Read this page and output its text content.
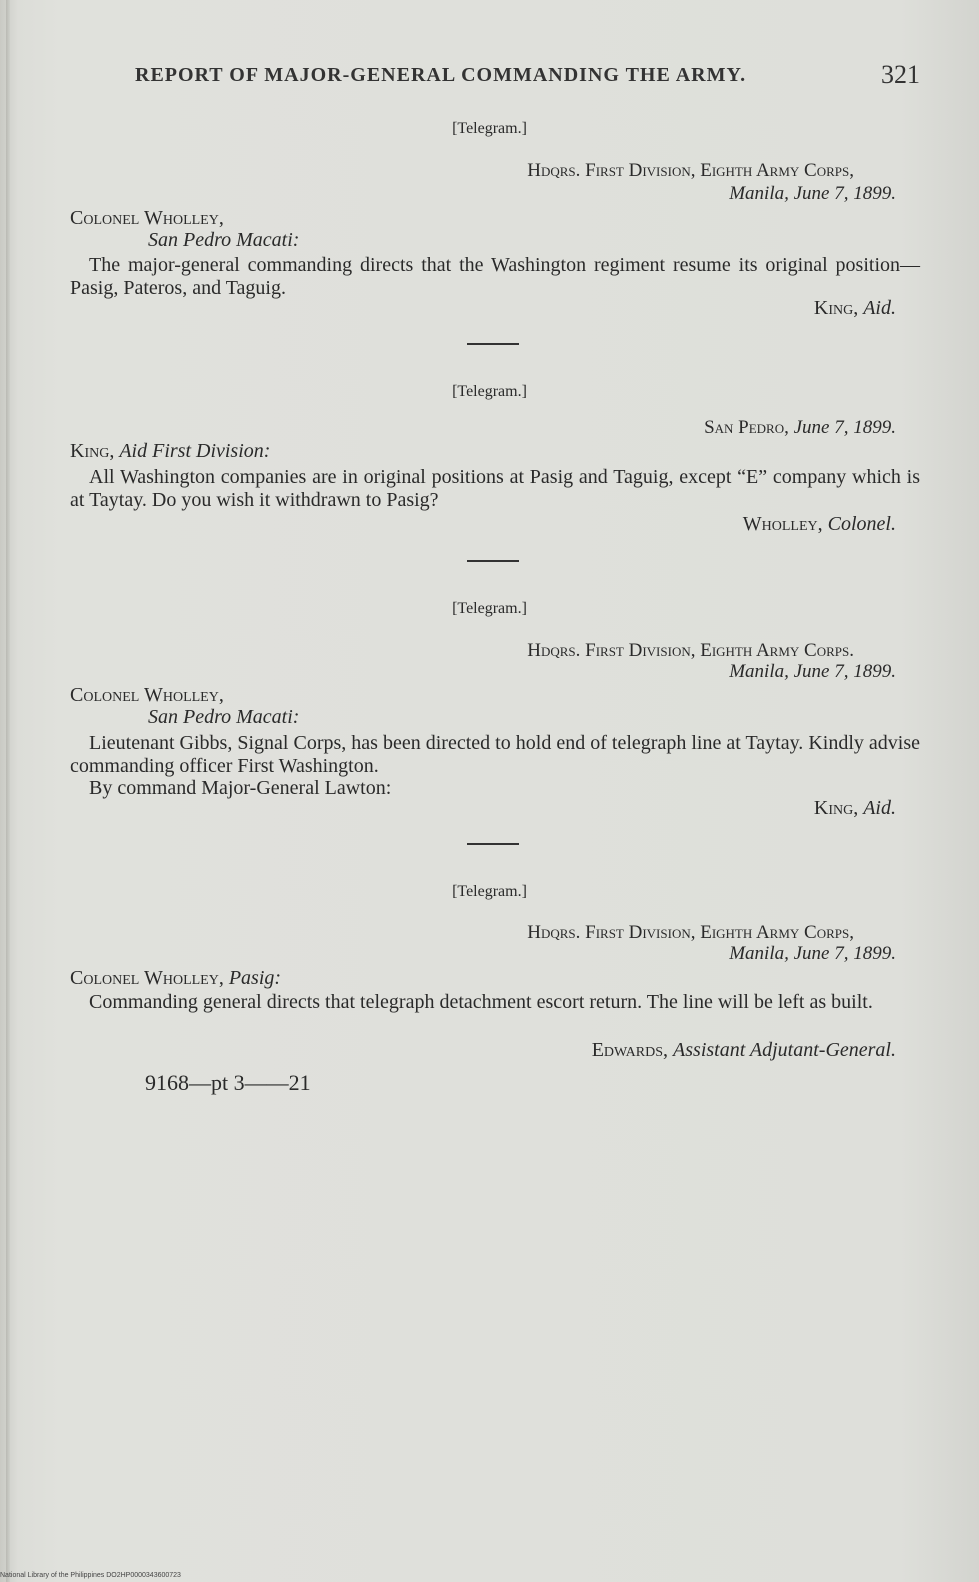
REPORT OF MAJOR-GENERAL COMMANDING THE ARMY.	321
[Telegram.]
Hdqrs. First Division, Eighth Army Corps,
Manila, June 7, 1899.
Colonel Wholley,
San Pedro Macati:
The major-general commanding directs that the Washington regiment resume its original position—Pasig, Pateros, and Taguig.
King, Aid.
[Telegram.]
San Pedro, June 7, 1899.
King, Aid First Division:
All Washington companies are in original positions at Pasig and Taguig, except “E” company which is at Taytay. Do you wish it withdrawn to Pasig?
Wholley, Colonel.
[Telegram.]
Hdqrs. First Division, Eighth Army Corps.
Manila, June 7, 1899.
Colonel Wholley,
San Pedro Macati:
Lieutenant Gibbs, Signal Corps, has been directed to hold end of telegraph line at Taytay. Kindly advise commanding officer First Washington.
By command Major-General Lawton:
King, Aid.
[Telegram.]
Hdqrs. First Division, Eighth Army Corps,
Manila, June 7, 1899.
Colonel Wholley, Pasig:
Commanding general directs that telegraph detachment escort return. The line will be left as built.
Edwards, Assistant Adjutant-General.
9168—pt 3——21
National Library of the Philippines DO2HP0000343600723
